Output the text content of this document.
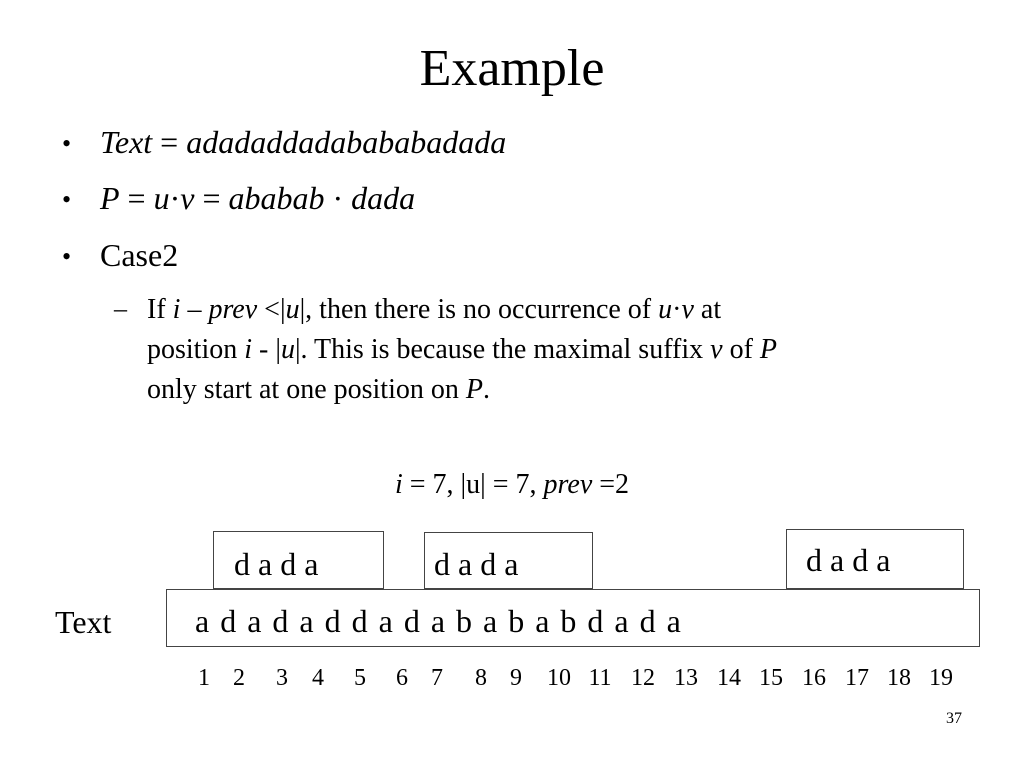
Example
• Text = adadaddadabababadada
• P = u·v = ababab · dada
• Case2
– If i – prev <|u|, then there is no occurrence of u·v at
position i - |u|. This is because the maximal suffix v of P
only start at one position on P.
i = 7, |u| = 7, prev =2
d a d a	d a d a	d a d a
Text	a d a d a d d a d a b a b a b d a d a
1 2	3	4	5	6 7	8 9	10 11 12 13 14 15 16 17 18 19
37
